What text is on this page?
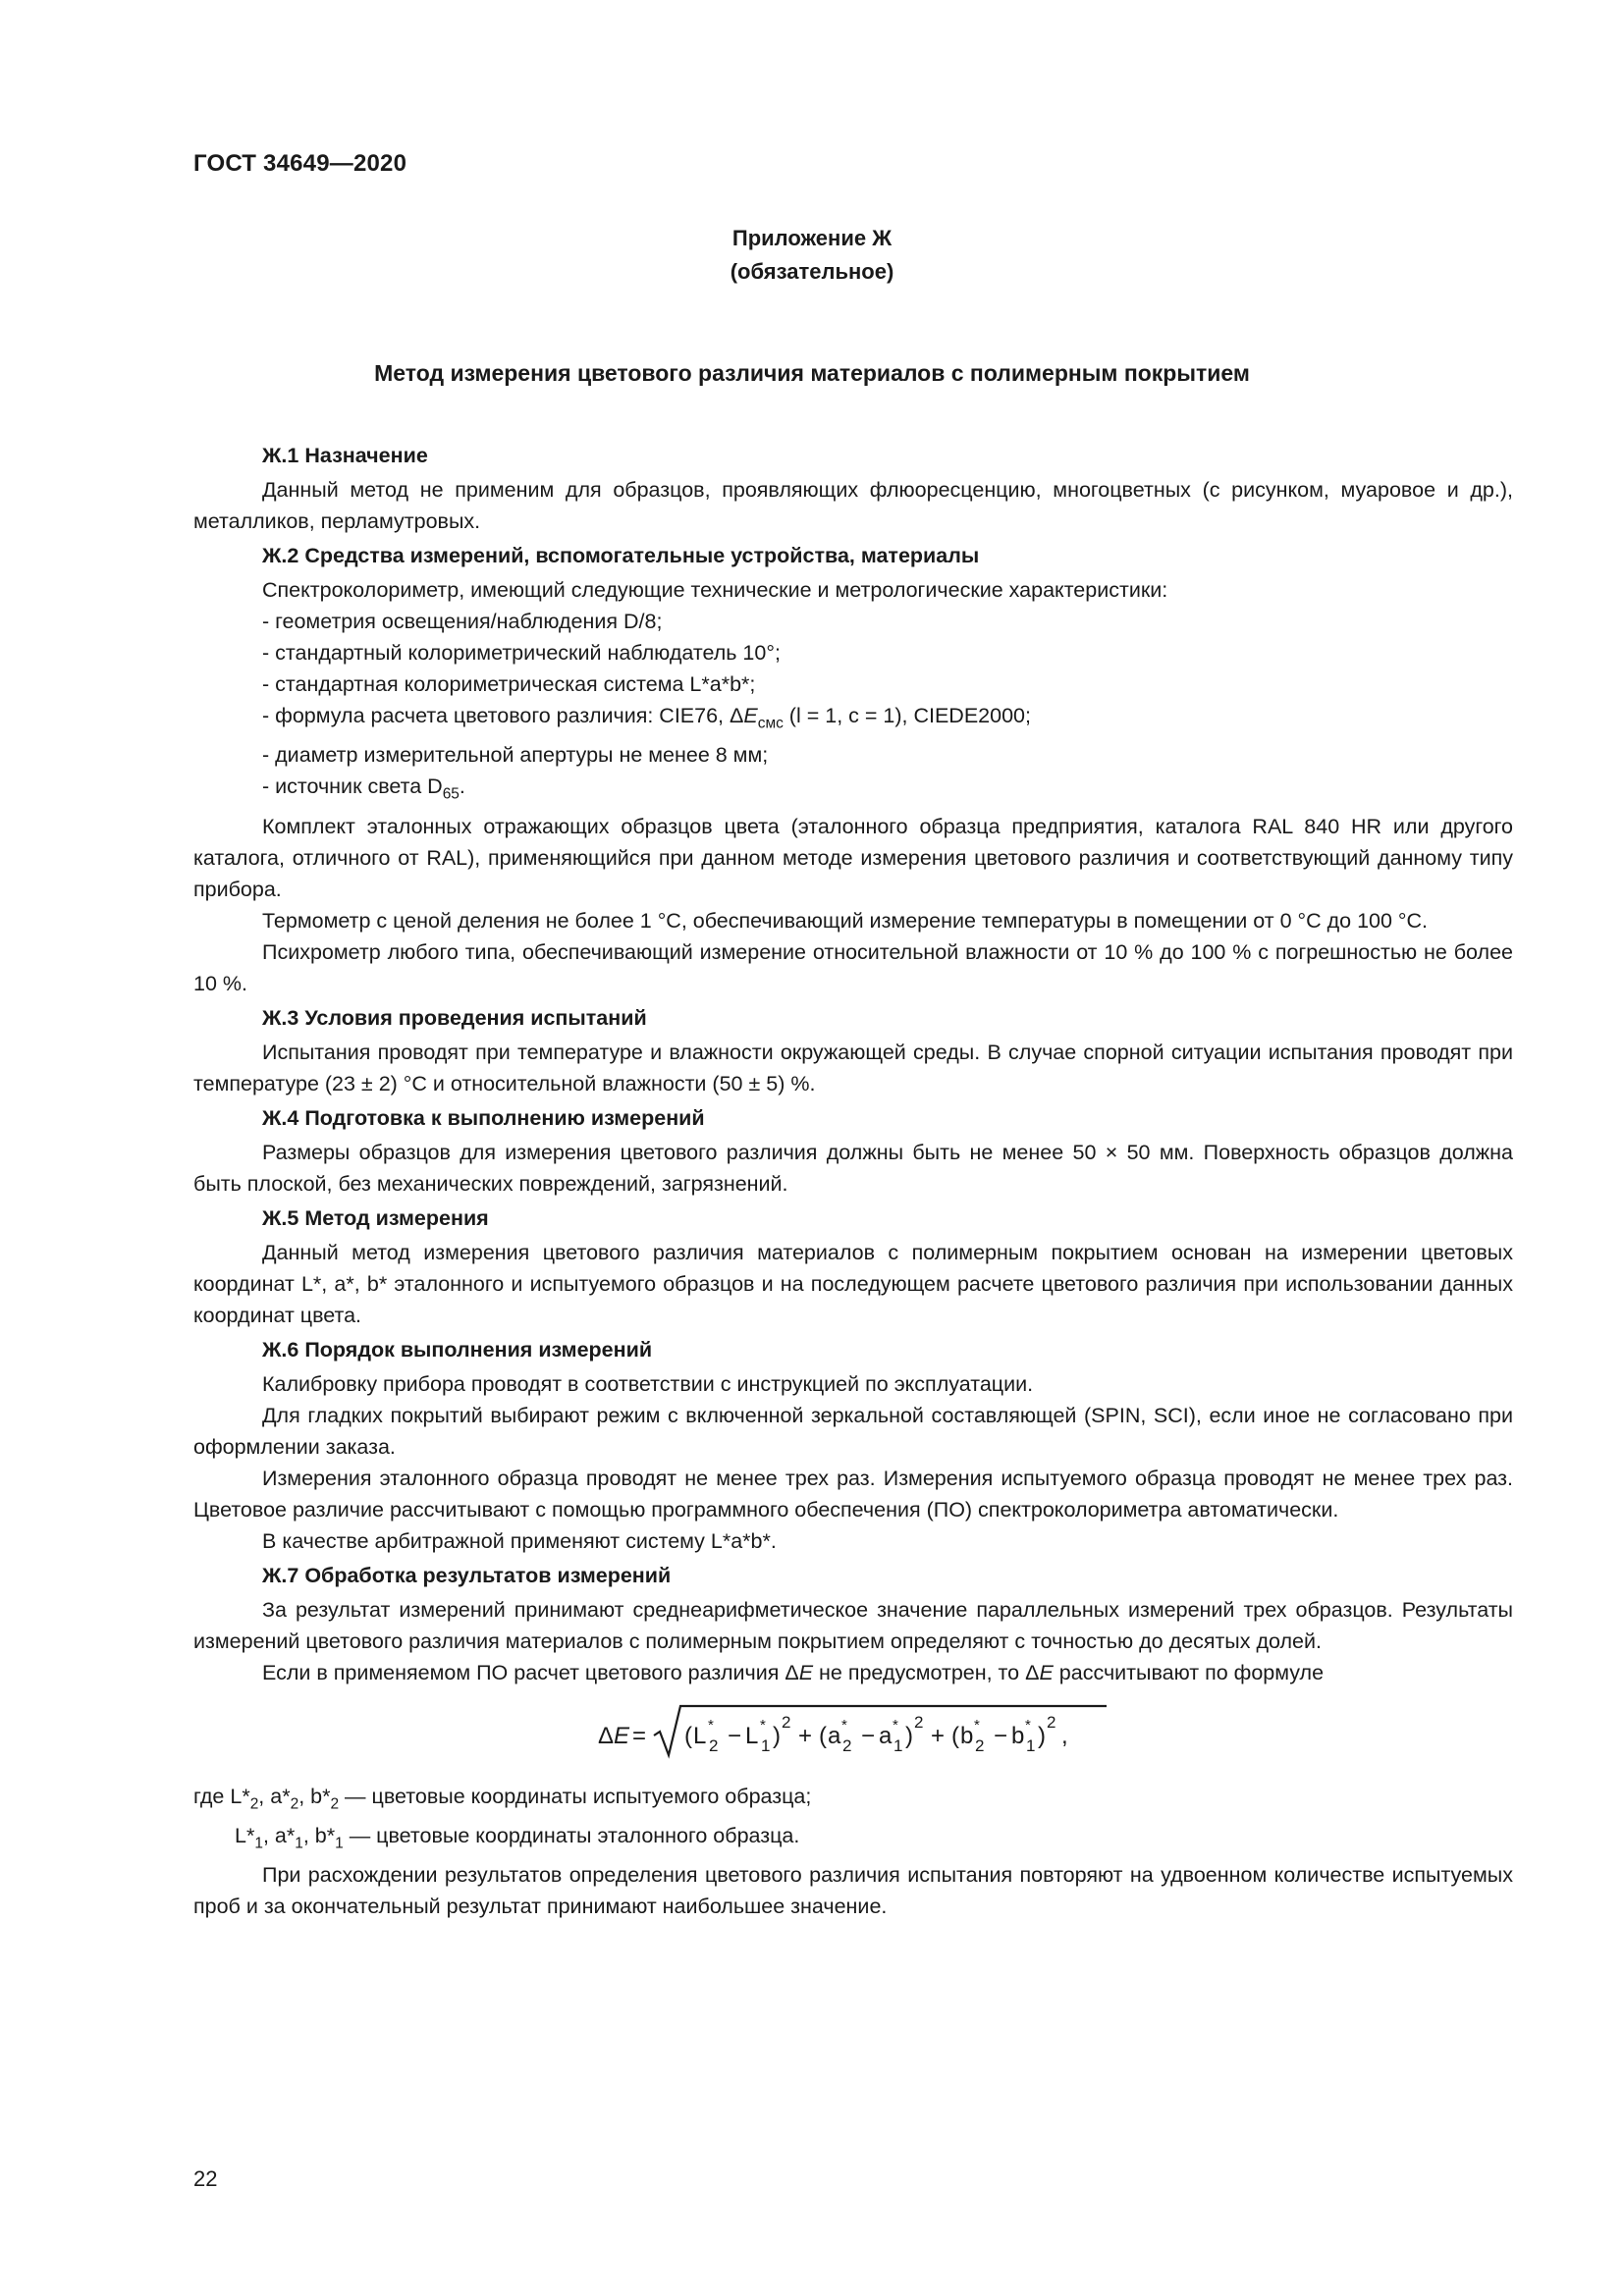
ГОСТ 34649—2020
Приложение Ж
(обязательное)
Метод измерения цветового различия материалов с полимерным покрытием
Ж.1 Назначение

Данный метод не применим для образцов, проявляющих флюоресценцию, многоцветных (с рисунком, муаровое и др.), металликов, перламутровых.

Ж.2 Средства измерений, вспомогательные устройства, материалы

Спектроколориметр, имеющий следующие технические и метрологические характеристики:

- геометрия освещения/наблюдения D/8;
- стандартный колориметрический наблюдатель 10°;
- стандартная колориметрическая система L*a*b*;
- формула расчета цветового различия: CIE76, $\Delta E_{смс}$ (l = 1, c = 1), CIEDE2000;
- диаметр измерительной апертуры не менее 8 мм;
- источник света $D_{65}$.

Комплект эталонных отражающих образцов цвета (эталонного образца предприятия, каталога RAL 840 HR или другого каталога, отличного от RAL), применяющийся при данном методе измерения цветового различия и соответствующий данному типу прибора.

Термометр с ценой деления не более 1 °С, обеспечивающий измерение температуры в помещении от 0 °С до 100 °С.

Психрометр любого типа, обеспечивающий измерение относительной влажности от 10 % до 100 % с погрешностью не более 10 %.

Ж.3 Условия проведения испытаний

Испытания проводят при температуре и влажности окружающей среды. В случае спорной ситуации испытания проводят при температуре (23 ± 2) °С и относительной влажности (50 ± 5) %.

Ж.4 Подготовка к выполнению измерений

Размеры образцов для измерения цветового различия должны быть не менее 50 × 50 мм. Поверхность образцов должна быть плоской, без механических повреждений, загрязнений.

Ж.5 Метод измерения

Данный метод измерения цветового различия материалов с полимерным покрытием основан на измерении цветовых координат L*, a*, b* эталонного и испытуемого образцов и на последующем расчете цветового различия при использовании данных координат цвета.

Ж.6 Порядок выполнения измерений

Калибровку прибора проводят в соответствии с инструкцией по эксплуатации.

Для гладких покрытий выбирают режим с включенной зеркальной составляющей (SPIN, SCI), если иное не согласовано при оформлении заказа.

Измерения эталонного образца проводят не менее трех раз. Измерения испытуемого образца проводят не менее трех раз. Цветовое различие рассчитывают с помощью программного обеспечения (ПО) спектроколориметра автоматически.

В качестве арбитражной применяют систему L*a*b*.

Ж.7 Обработка результатов измерений

За результат измерений принимают среднеарифметическое значение параллельных измерений трех образцов. Результаты измерений цветового различия материалов с полимерным покрытием определяют с точностью до десятых долей.

Если в применяемом ПО расчет цветового различия ΔE не предусмотрен, то ΔE рассчитывают по формуле

Δ E = ( L *
2 − L *
1 )
2
+ ( a *
2 − a *
1 )
2
+ ( b *
2 − b *
1 )
2
,

где $L*_2$, $a*_2$, $b*_2$ — цветовые координаты испытуемого образца;

$L*_1$, $a*_1$, $b*_1$ — цветовые координаты эталонного образца.

При расхождении результатов определения цветового различия испытания повторяют на удвоенном количестве испытуемых проб и за окончательный результат принимают наибольшее значение.

22
